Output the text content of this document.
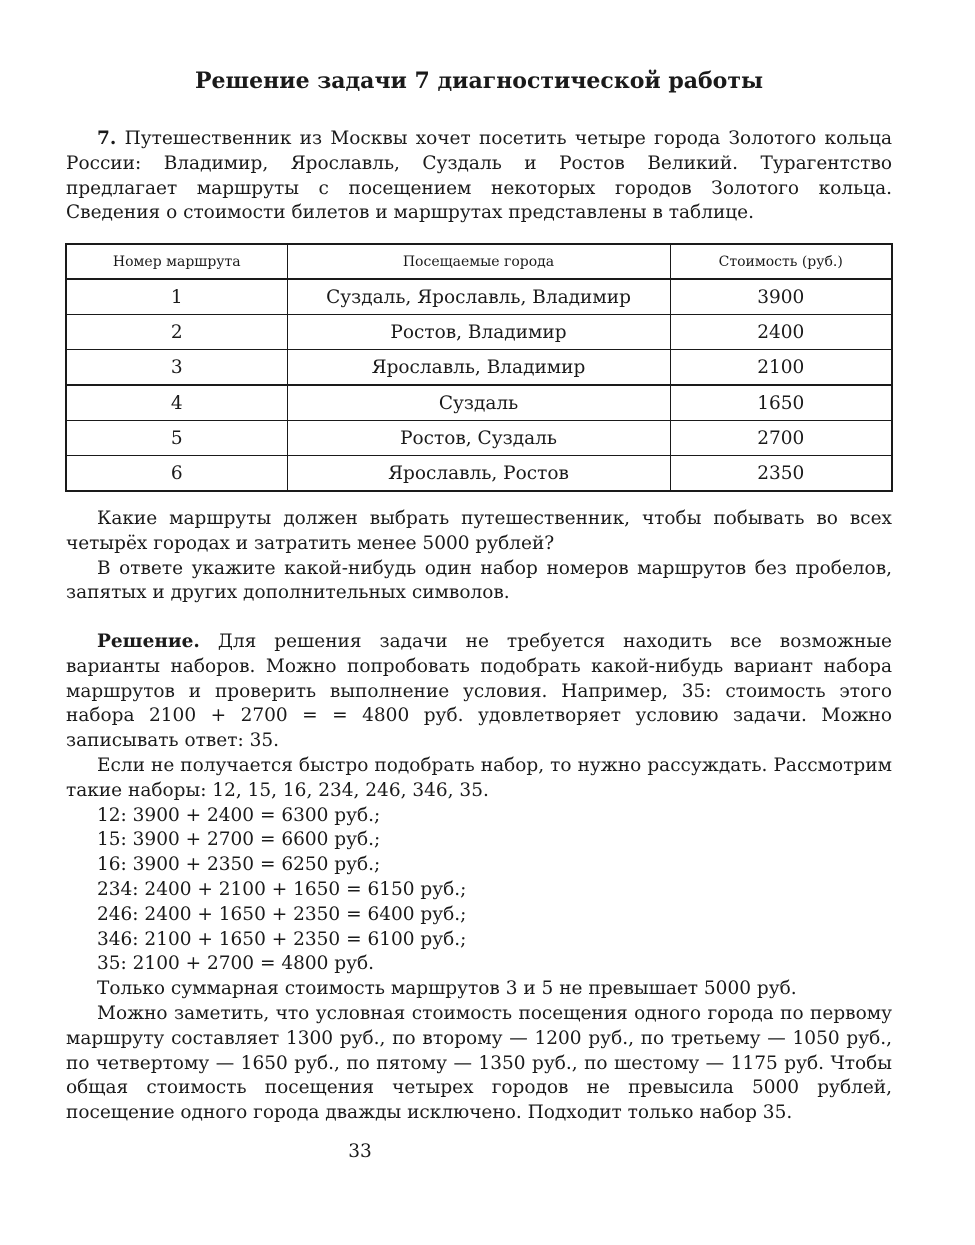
Решение задачи 7 диагностической работы

7. Путешественник из Москвы хочет посетить четыре города Золотого кольца России: Владимир, Ярославль, Суздаль и Ростов Великий. Турагентство предлагает маршруты с посещением некоторых городов Золотого кольца. Сведения о стоимости билетов и маршрутах представлены в таблице.

Номер маршрута	Посещаемые города	Стоимость (руб.)
1	Суздаль, Ярославль, Владимир	3900
2	Ростов, Владимир	2400
3	Ярославль, Владимир	2100
4	Суздаль	1650
5	Ростов, Суздаль	2700
6	Ярославль, Ростов	2350

Какие маршруты должен выбрать путешественник, чтобы побывать во всех четырёх городах и затратить менее 5000 рублей?

В ответе укажите какой-нибудь один набор номеров маршрутов без пробелов, запятых и других дополнительных символов.

Решение. Для решения задачи не требуется находить все возможные варианты наборов. Можно попробовать подобрать какой-нибудь вариант набора маршрутов и проверить выполнение условия. Например, 35: стоимость этого набора 2100 + 2700 = = 4800 руб. удовлетворяет условию задачи. Можно записывать ответ: 35.

Если не получается быстро подобрать набор, то нужно рассуждать. Рассмотрим такие наборы: 12, 15, 16, 234, 246, 346, 35.

12: 3900 + 2400 = 6300 руб.;

15: 3900 + 2700 = 6600 руб.;

16: 3900 + 2350 = 6250 руб.;

234: 2400 + 2100 + 1650 = 6150 руб.;

246: 2400 + 1650 + 2350 = 6400 руб.;

346: 2100 + 1650 + 2350 = 6100 руб.;

35: 2100 + 2700 = 4800 руб.

Только суммарная стоимость маршрутов 3 и 5 не превышает 5000 руб.

Можно заметить, что условная стоимость посещения одного города по первому маршруту составляет 1300 руб., по второму — 1200 руб., по третьему — 1050 руб., по четвертому — 1650 руб., по пятому — 1350 руб., по шестому — 1175 руб. Чтобы общая стоимость посещения четырех городов не превысила 5000 рублей, посещение одного города дважды исключено. Подходит только набор 35.

33
